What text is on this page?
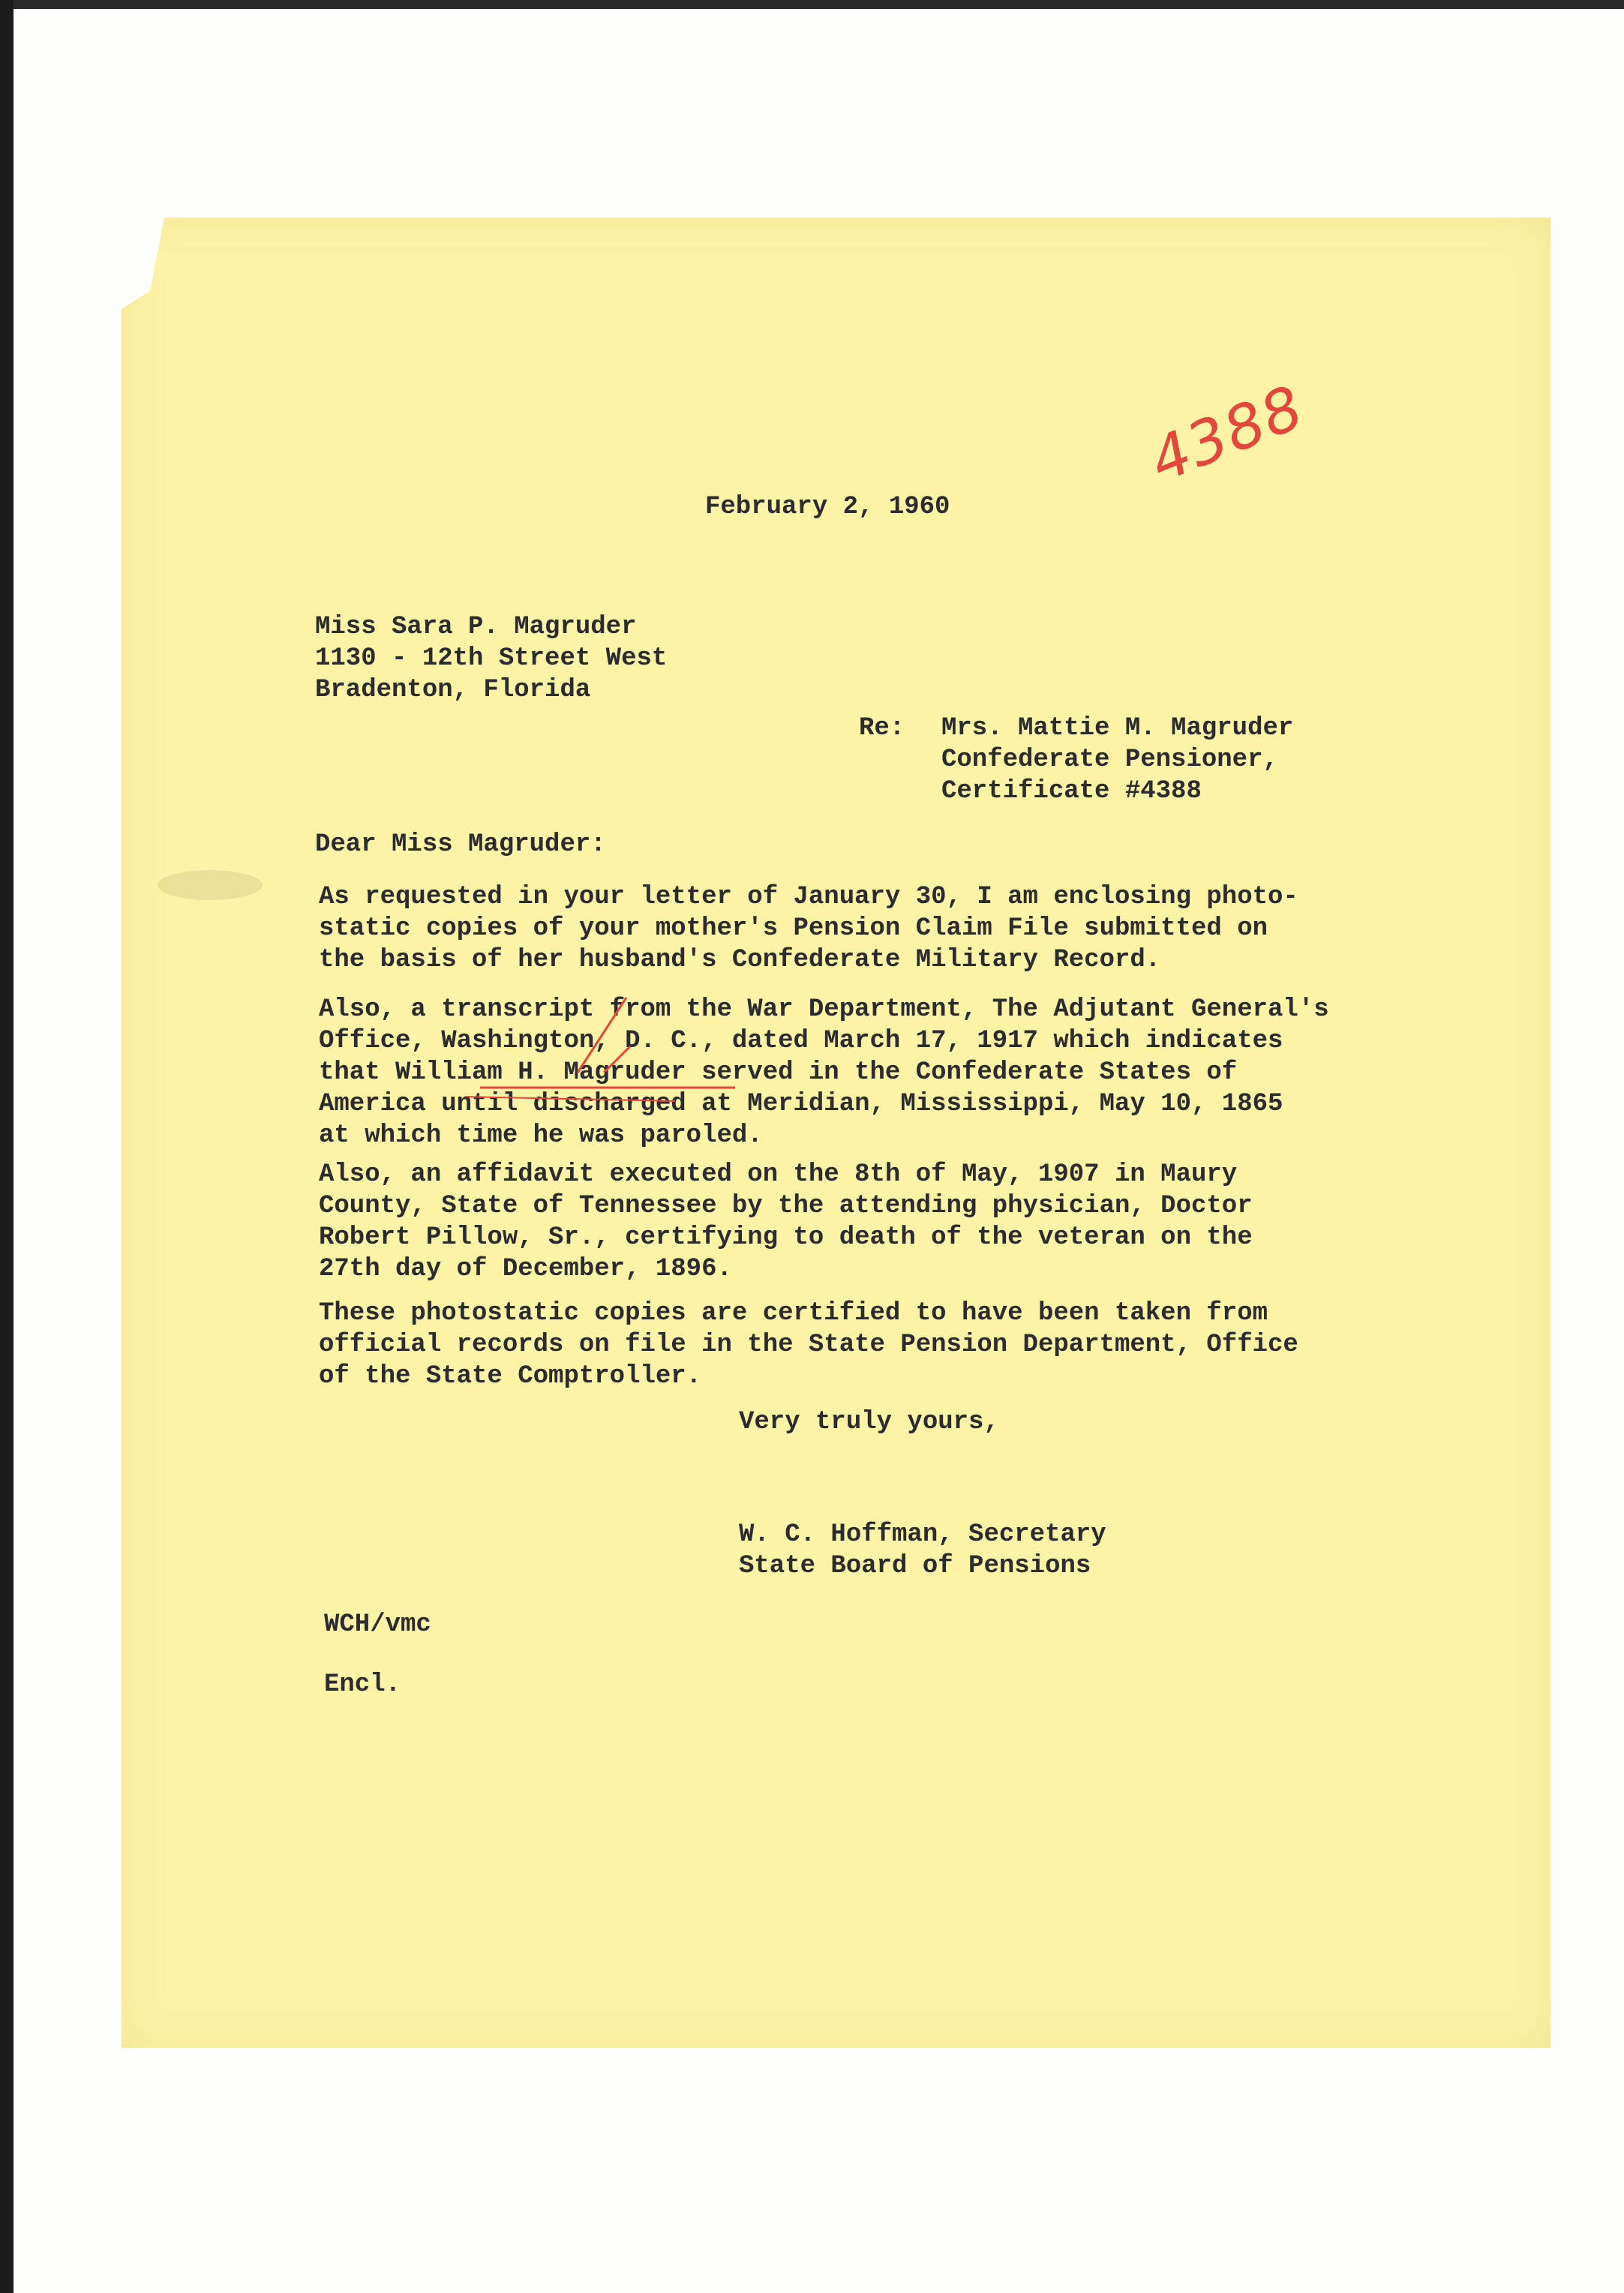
February 2, 1960
4388
Miss Sara P. Magruder
1130 - 12th Street West
Bradenton, Florida
Re: Mrs. Mattie M. Magruder
Confederate Pensioner,
Certificate #4388
Dear Miss Magruder:
As requested in your letter of January 30, I am enclosing photo-
static copies of your mother's Pension Claim File submitted on
the basis of her husband's Confederate Military Record.
Also, a transcript from the War Department, The Adjutant General's
Office, Washington, D. C., dated March 17, 1917 which indicates
that William H. Magruder served in the Confederate States of
America until discharged at Meridian, Mississippi, May 10, 1865
at which time he was paroled.
Also, an affidavit executed on the 8th of May, 1907 in Maury
County, State of Tennessee by the attending physician, Doctor
Robert Pillow, Sr., certifying to death of the veteran on the
27th day of December, 1896.
These photostatic copies are certified to have been taken from
official records on file in the State Pension Department, Office
of the State Comptroller.
Very truly yours,
W. C. Hoffman, Secretary
State Board of Pensions
WCH/vmc
Encl.
